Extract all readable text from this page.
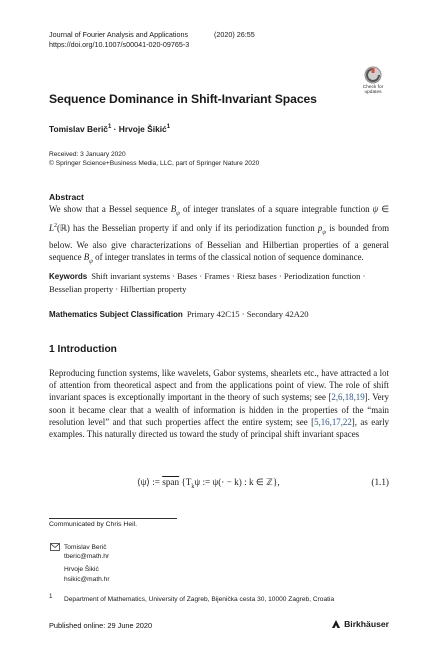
Journal of Fourier Analysis and Applications	(2020) 26:55
https://doi.org/10.1007/s00041-020-09765-3
Check for
updates
Sequence Dominance in Shift-Invariant Spaces
Tomislav Berič$^1$ · Hrvoje Šikić$^1$
Received: 3 January 2020
© Springer Science+Business Media, LLC, part of Springer Nature 2020
Abstract
We show that a Bessel sequence $B_\psi$ of integer translates of a square integrable function ψ ∈ $L^2(ℝ)$ has the Besselian property if and only if its periodization function $p_\psi$ is bounded from below. We also give characterizations of Besselian and Hilbertian properties of a general sequence $B_\psi$ of integer translates in terms of the classical notion of sequence dominance.
Keywords Shift invariant systems · Bases · Frames · Riesz bases · Periodization function · Besselian property · Hilbertian property
Mathematics Subject Classification Primary 42C15 · Secondary 42A20
1 Introduction
Reproducing function systems, like wavelets, Gabor systems, shearlets etc., have attracted a lot of attention from theoretical aspect and from the applications point of view. The role of shift invariant spaces is exceptionally important in the theory of such systems; see [2,6,18,19]. Very soon it became clear that a wealth of information is hidden in the properties of the “main resolution level” and that such properties affect the entire system; see [5,16,17,22], as early examples. This naturally directed us toward the study of principal shift invariant spaces
⟨ψ⟩ := span {$T_k\psi$ := ψ(· − k) : k ∈ ℤ},	(1.1)
Communicated by Chris Heil.
Tomislav Berič
tberic@math.hr
Hrvoje Šikić
hsikic@math.hr
1 Department of Mathematics, University of Zagreb, Bijenička cesta 30, 10000 Zagreb, Croatia
Published online: 29 June 2020	Birkhäuser
